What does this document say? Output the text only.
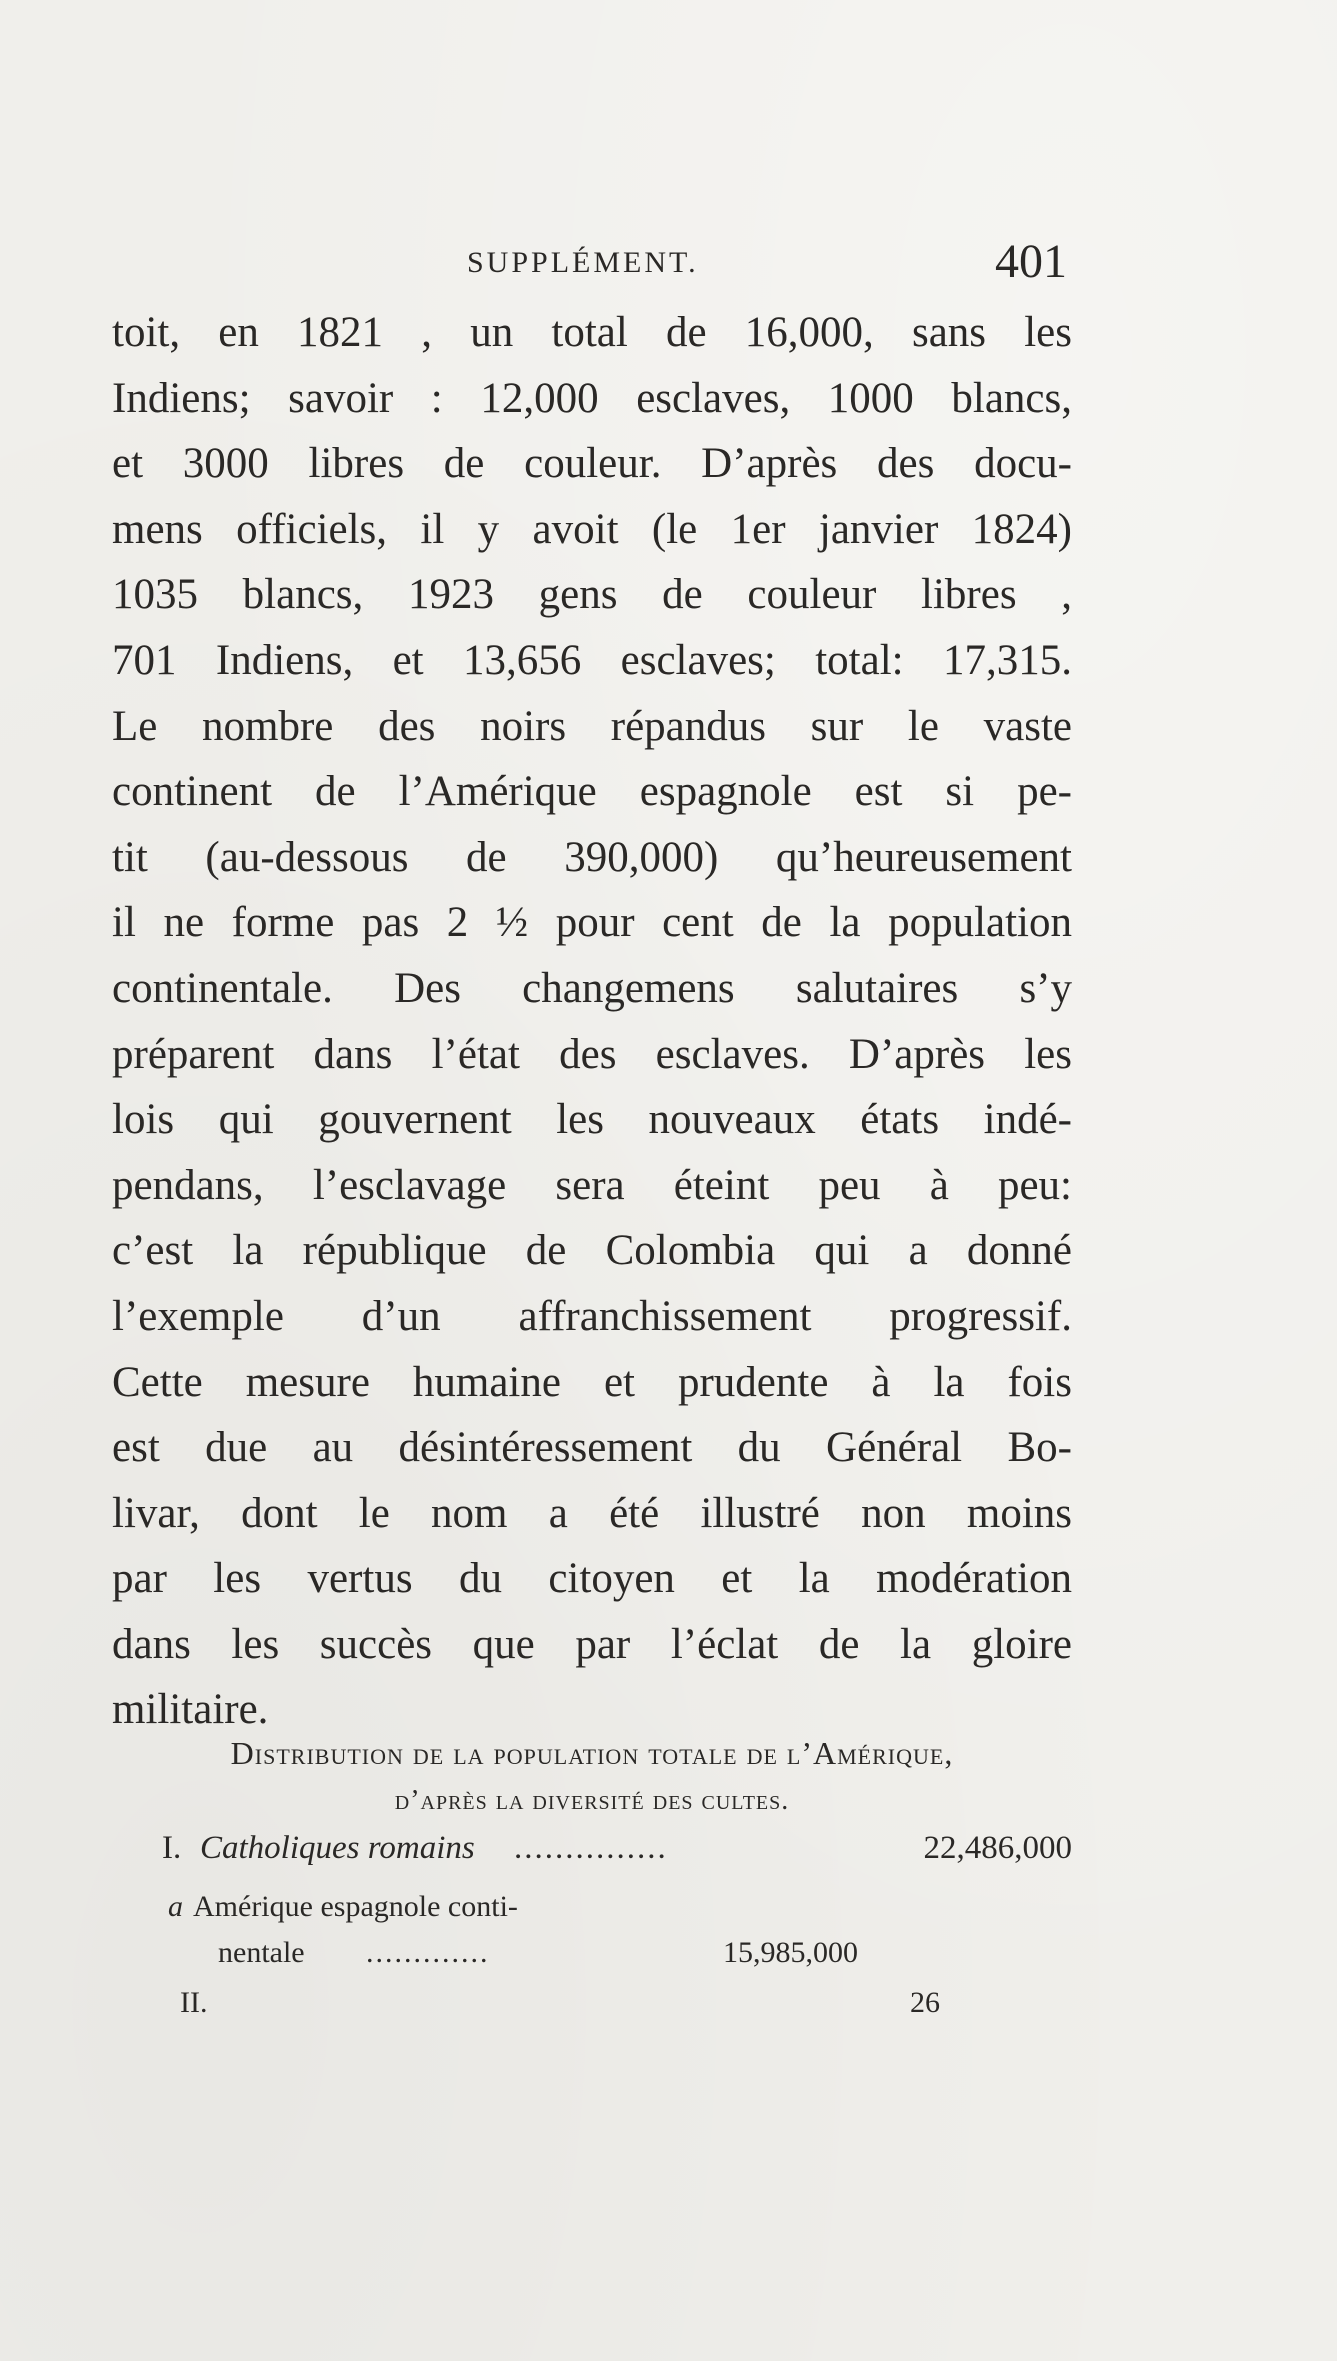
SUPPLÉMENT.	401
toit, en 1821 , un total de 16,000, sans les
Indiens; savoir : 12,000 esclaves, 1000 blancs,
et 3000 libres de couleur. D’après des docu-
mens officiels, il y avoit (le 1er janvier 1824)
1035 blancs, 1923 gens de couleur libres ,
701 Indiens, et 13,656 esclaves; total: 17,315.
Le nombre des noirs répandus sur le vaste
continent de l’Amérique espagnole est si pe-
tit (au-dessous de 390,000) qu’heureusement
il ne forme pas 2 ½ pour cent de la population
continentale. Des changemens salutaires s’y
préparent dans l’état des esclaves. D’après les
lois qui gouvernent les nouveaux états indé-
pendans, l’esclavage sera éteint peu à peu:
c’est la république de Colombia qui a donné
l’exemple d’un affranchissement progressif.
Cette mesure humaine et prudente à la fois
est due au désintéressement du Général Bo-
livar, dont le nom a été illustré non moins
par les vertus du citoyen et la modération
dans les succès que par l’éclat de la gloire
militaire.
Distribution de la population totale de l’Amérique,
d’après la diversité des cultes.
I. Catholiques romains ...............	22,486,000
a Amérique espagnole conti-
nentale .............	15,985,000
II.	26
